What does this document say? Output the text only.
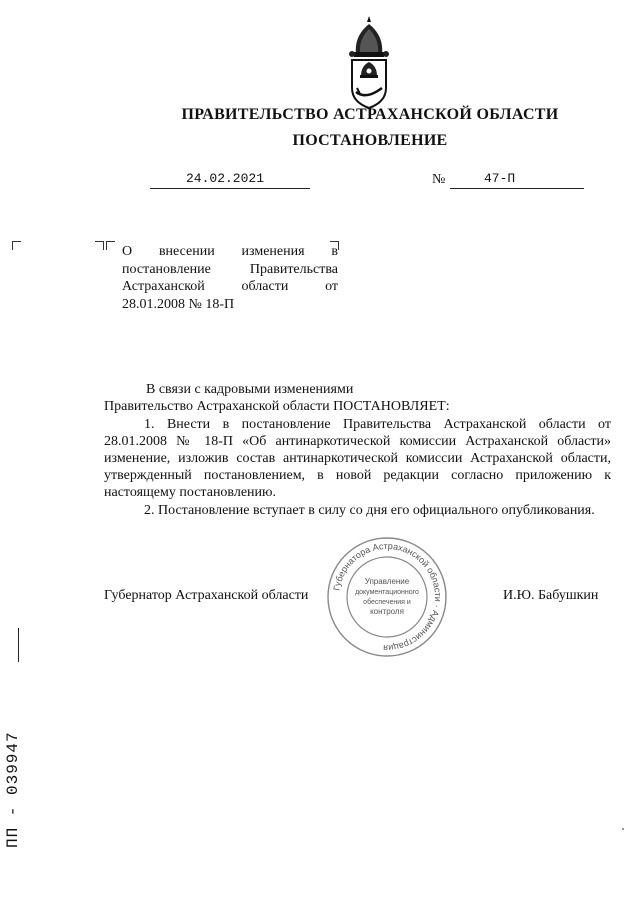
ПРАВИТЕЛЬСТВО АСТРАХАНСКОЙ ОБЛАСТИ
ПОСТАНОВЛЕНИЕ
24.02.2021	№	47-П
О внесении изменения в постановление Правительства Астраханской области от 28.01.2008 № 18-П
В связи с кадровыми изменениями
Правительство Астраханской области ПОСТАНОВЛЯЕТ:
1. Внести в постановление Правительства Астраханской области от 28.01.2008 № 18-П «Об антинаркотической комиссии Астраханской области» изменение, изложив состав антинаркотической комиссии Астраханской области, утвержденный постановлением, в новой редакции согласно приложению к настоящему постановлению.
2. Постановление вступает в силу со дня его официального опубликования.
Губернатора Астраханской области · Администрация
Управление
документационного
обеспечения и
контроля
Губернатор Астраханской области	И.Ю. Бабушкин
ПП - 039947
